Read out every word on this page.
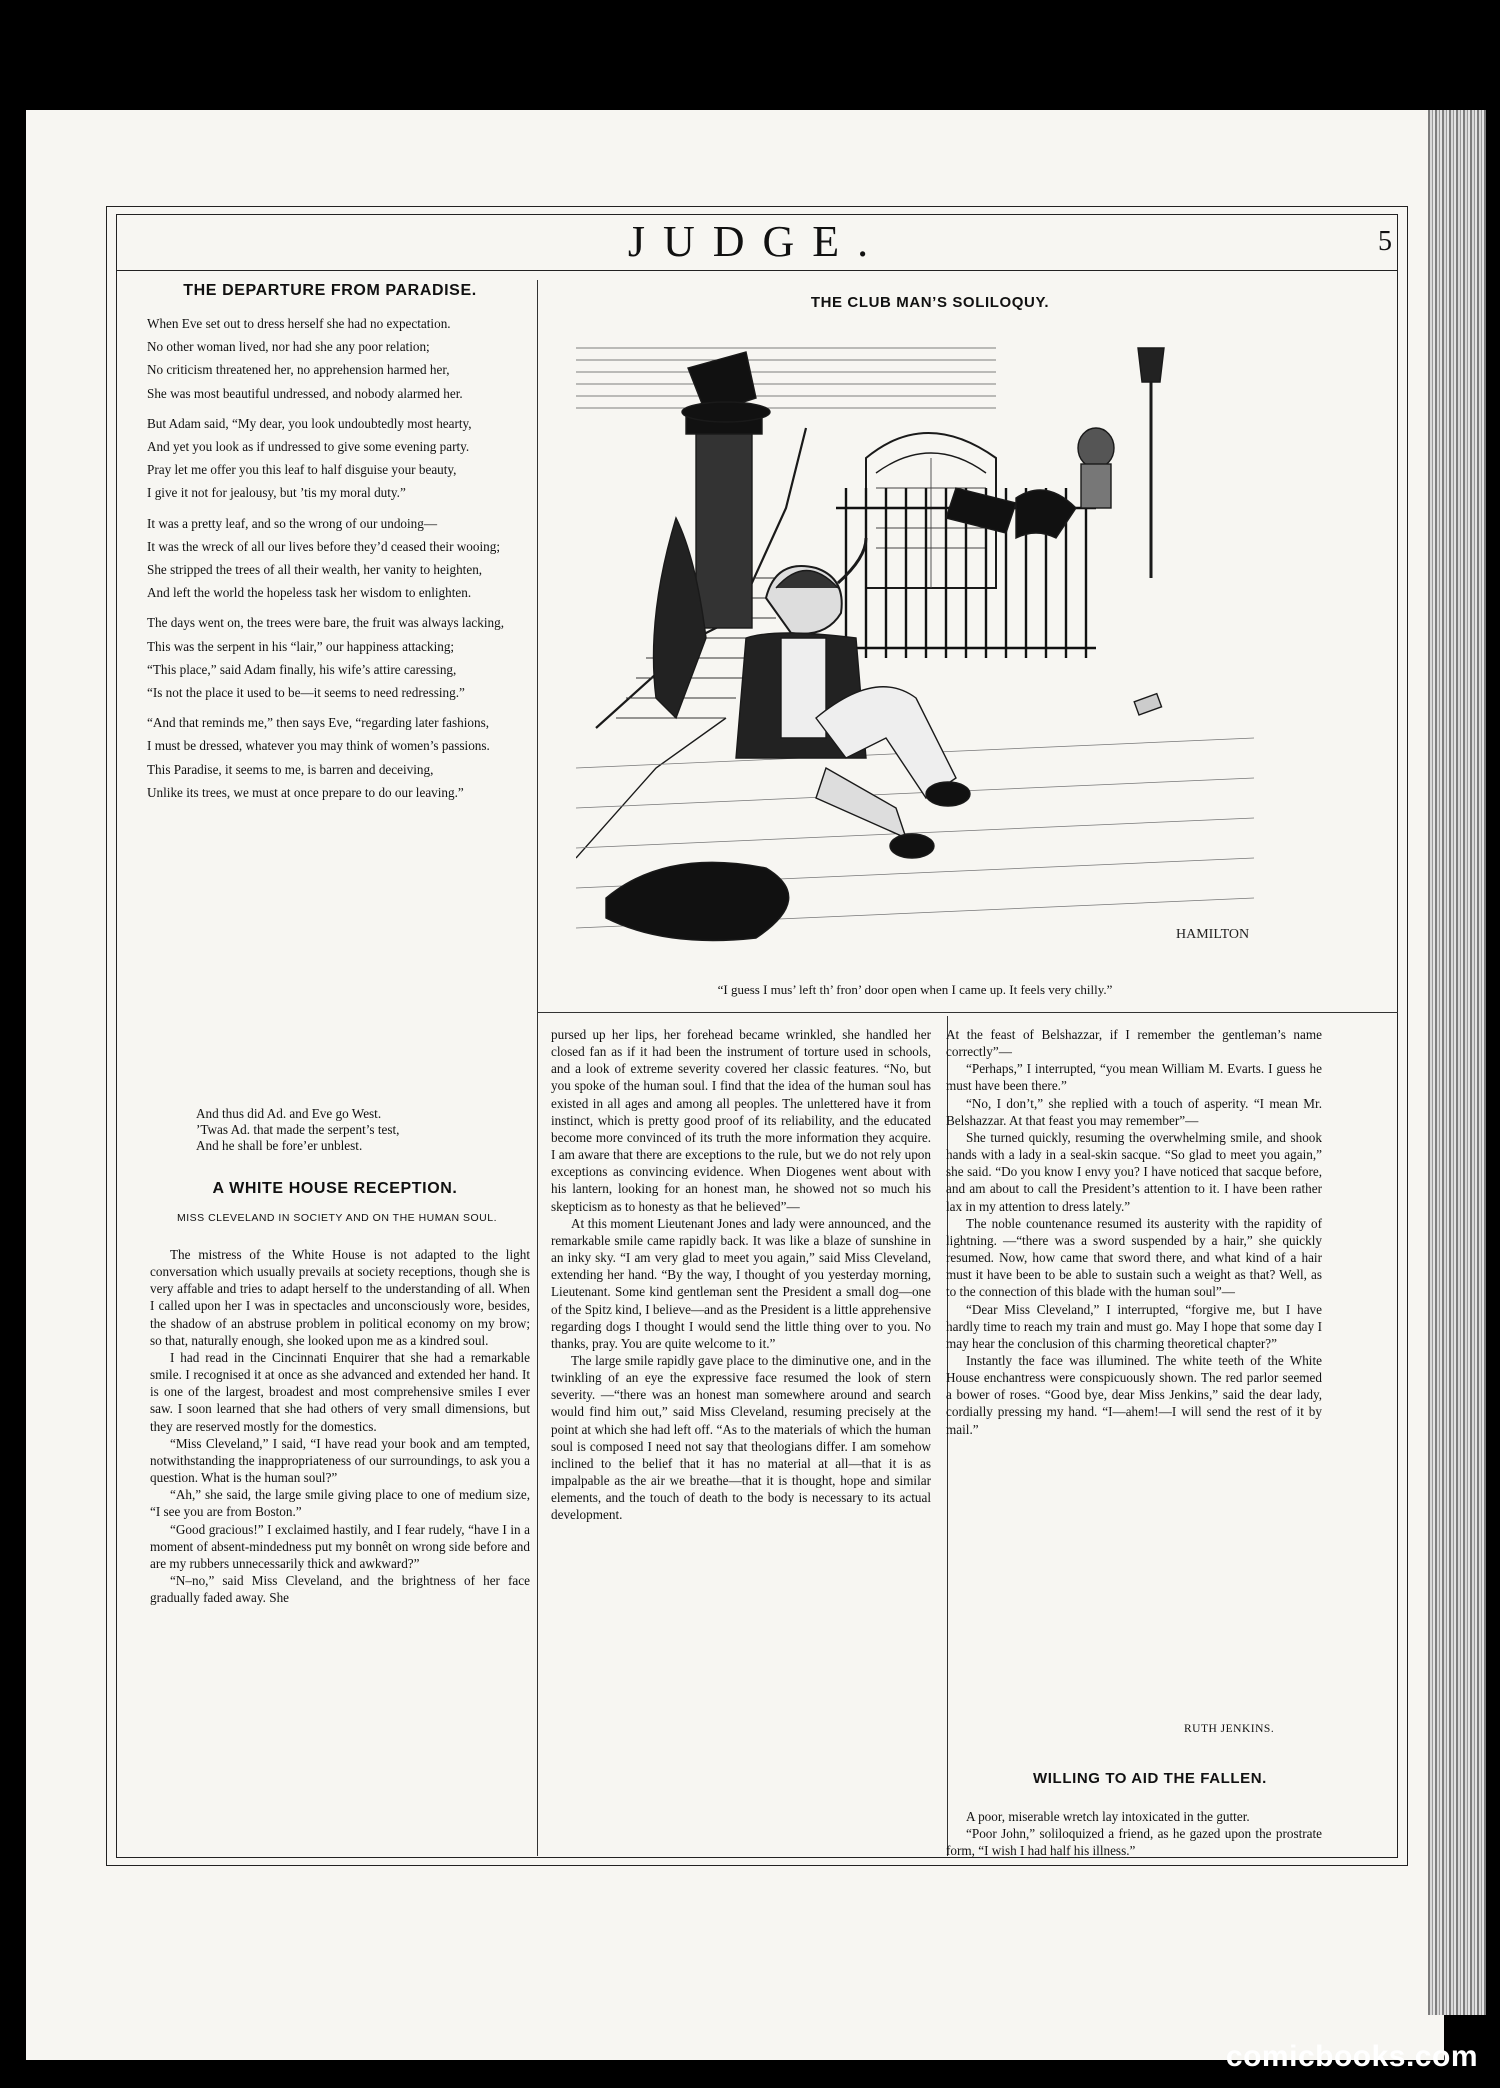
JUDGE.	5
THE DEPARTURE FROM PARADISE.
When Eve set out to dress herself she had no expectation.
No other woman lived, nor had she any poor relation;
No criticism threatened her, no apprehension harmed her,
She was most beautiful undressed, and nobody alarmed her.
But Adam said, “My dear, you look undoubtedly most hearty,
And yet you look as if undressed to give some evening party.
Pray let me offer you this leaf to half disguise your beauty,
I give it not for jealousy, but ’tis my moral duty.”
It was a pretty leaf, and so the wrong of our undoing—
It was the wreck of all our lives before they’d ceased their wooing;
She stripped the trees of all their wealth, her vanity to heighten,
And left the world the hopeless task her wisdom to enlighten.
The days went on, the trees were bare, the fruit was always lacking,
This was the serpent in his “lair,” our happiness attacking;
“This place,” said Adam finally, his wife’s attire caressing,
“Is not the place it used to be—it seems to need redressing.”
“And that reminds me,” then says Eve, “regarding later fashions,
I must be dressed, whatever you may think of women’s passions.
This Paradise, it seems to me, is barren and deceiving,
Unlike its trees, we must at once prepare to do our leaving.”
And thus did Ad. and Eve go West.
’Twas Ad. that made the serpent’s test,
And he shall be fore’er unblest.
A WHITE HOUSE RECEPTION.
MISS CLEVELAND IN SOCIETY AND ON THE HUMAN SOUL.

The mistress of the White House is not adapted to the light conversation which usually prevails at society receptions, though she is very affable and tries to adapt herself to the understanding of all. When I called upon her I was in spectacles and unconsciously wore, besides, the shadow of an abstruse problem in political economy on my brow; so that, naturally enough, she looked upon me as a kindred soul.

I had read in the Cincinnati Enquirer that she had a remarkable smile. I recognised it at once as she advanced and extended her hand. It is one of the largest, broadest and most comprehensive smiles I ever saw. I soon learned that she had others of very small dimensions, but they are reserved mostly for the domestics.

“Miss Cleveland,” I said, “I have read your book and am tempted, notwithstanding the inappropriateness of our surroundings, to ask you a question. What is the human soul?”

“Ah,” she said, the large smile giving place to one of medium size, “I see you are from Boston.”

“Good gracious!” I exclaimed hastily, and I fear rudely, “have I in a moment of absent-mindedness put my bonnêt on wrong side before and are my rubbers unnecessarily thick and awkward?”

“N–no,” said Miss Cleveland, and the brightness of her face gradually faded away. She

pursed up her lips, her forehead became wrinkled, she handled her closed fan as if it had been the instrument of torture used in schools, and a look of extreme severity covered her classic features. “No, but you spoke of the human soul. I find that the idea of the human soul has existed in all ages and among all peoples. The unlettered have it from instinct, which is pretty good proof of its reliability, and the educated become more convinced of its truth the more information they acquire. I am aware that there are exceptions to the rule, but we do not rely upon exceptions as convincing evidence. When Diogenes went about with his lantern, looking for an honest man, he showed not so much his skepticism as to honesty as that he believed”—

At this moment Lieutenant Jones and lady were announced, and the remarkable smile came rapidly back. It was like a blaze of sunshine in an inky sky. “I am very glad to meet you again,” said Miss Cleveland, extending her hand. “By the way, I thought of you yesterday morning, Lieutenant. Some kind gentleman sent the President a small dog—one of the Spitz kind, I believe—and as the President is a little apprehensive regarding dogs I thought I would send the little thing over to you. No thanks, pray. You are quite welcome to it.”

The large smile rapidly gave place to the diminutive one, and in the twinkling of an eye the expressive face resumed the look of stern severity. —“there was an honest man somewhere around and search would find him out,” said Miss Cleveland, resuming precisely at the point at which she had left off. “As to the materials of which the human soul is composed I need not say that theologians differ. I am somehow inclined to the belief that it has no material at all—that it is as impalpable as the air we breathe—that it is thought, hope and similar elements, and the touch of death to the body is necessary to its actual development.

At the feast of Belshazzar, if I remember the gentleman’s name correctly”—

“Perhaps,” I interrupted, “you mean William M. Evarts. I guess he must have been there.”

“No, I don’t,” she replied with a touch of asperity. “I mean Mr. Belshazzar. At that feast you may remember”—

She turned quickly, resuming the overwhelming smile, and shook hands with a lady in a seal-skin sacque. “So glad to meet you again,” she said. “Do you know I envy you? I have noticed that sacque before, and am about to call the President’s attention to it. I have been rather lax in my attention to dress lately.”

The noble countenance resumed its austerity with the rapidity of lightning. —“there was a sword suspended by a hair,” she quickly resumed. Now, how came that sword there, and what kind of a hair must it have been to be able to sustain such a weight as that? Well, as to the connection of this blade with the human soul”—

“Dear Miss Cleveland,” I interrupted, “forgive me, but I have hardly time to reach my train and must go. May I hope that some day I may hear the conclusion of this charming theoretical chapter?”

Instantly the face was illumined. The white teeth of the White House enchantress were conspicuously shown. The red parlor seemed a bower of roses. “Good bye, dear Miss Jenkins,” said the dear lady, cordially pressing my hand. “I—ahem!—I will send the rest of it by mail.”

RUTH JENKINS.
THE CLUB MAN’S SOLILOQUY.
HAMILTON
“I guess I mus’ left th’ fron’ door open when I came up. It feels very chilly.”
WILLING TO AID THE FALLEN.

A poor, miserable wretch lay intoxicated in the gutter.

“Poor John,” soliloquized a friend, as he gazed upon the prostrate form, “I wish I had half his illness.”

comicbooks.com
